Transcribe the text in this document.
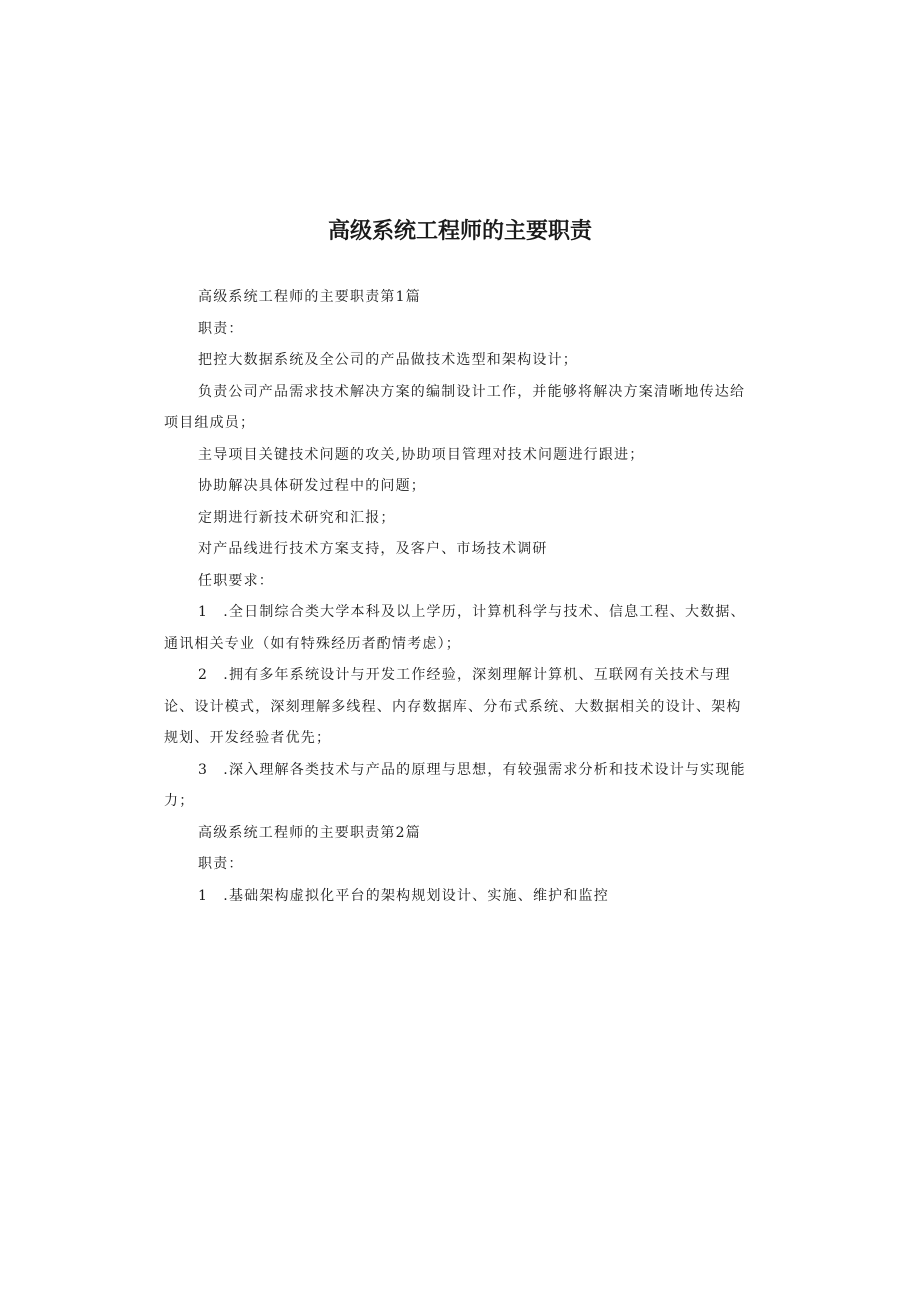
高级系统工程师的主要职责

高级系统工程师的主要职责第1篇

职责：

把控大数据系统及全公司的产品做技术选型和架构设计；

负责公司产品需求技术解决方案的编制设计工作，并能够将解决方案清晰地传达给项目组成员；

主导项目关键技术问题的攻关,协助项目管理对技术问题进行跟进；

协助解决具体研发过程中的问题；

定期进行新技术研究和汇报；

对产品线进行技术方案支持，及客户、市场技术调研

任职要求：

1　.全日制综合类大学本科及以上学历，计算机科学与技术、信息工程、大数据、通讯相关专业（如有特殊经历者酌情考虑）；

2　.拥有多年系统设计与开发工作经验，深刻理解计算机、互联网有关技术与理论、设计模式，深刻理解多线程、内存数据库、分布式系统、大数据相关的设计、架构规划、开发经验者优先；

3　.深入理解各类技术与产品的原理与思想，有较强需求分析和技术设计与实现能力；

高级系统工程师的主要职责第2篇

职责：

1　.基础架构虚拟化平台的架构规划设计、实施、维护和监控
